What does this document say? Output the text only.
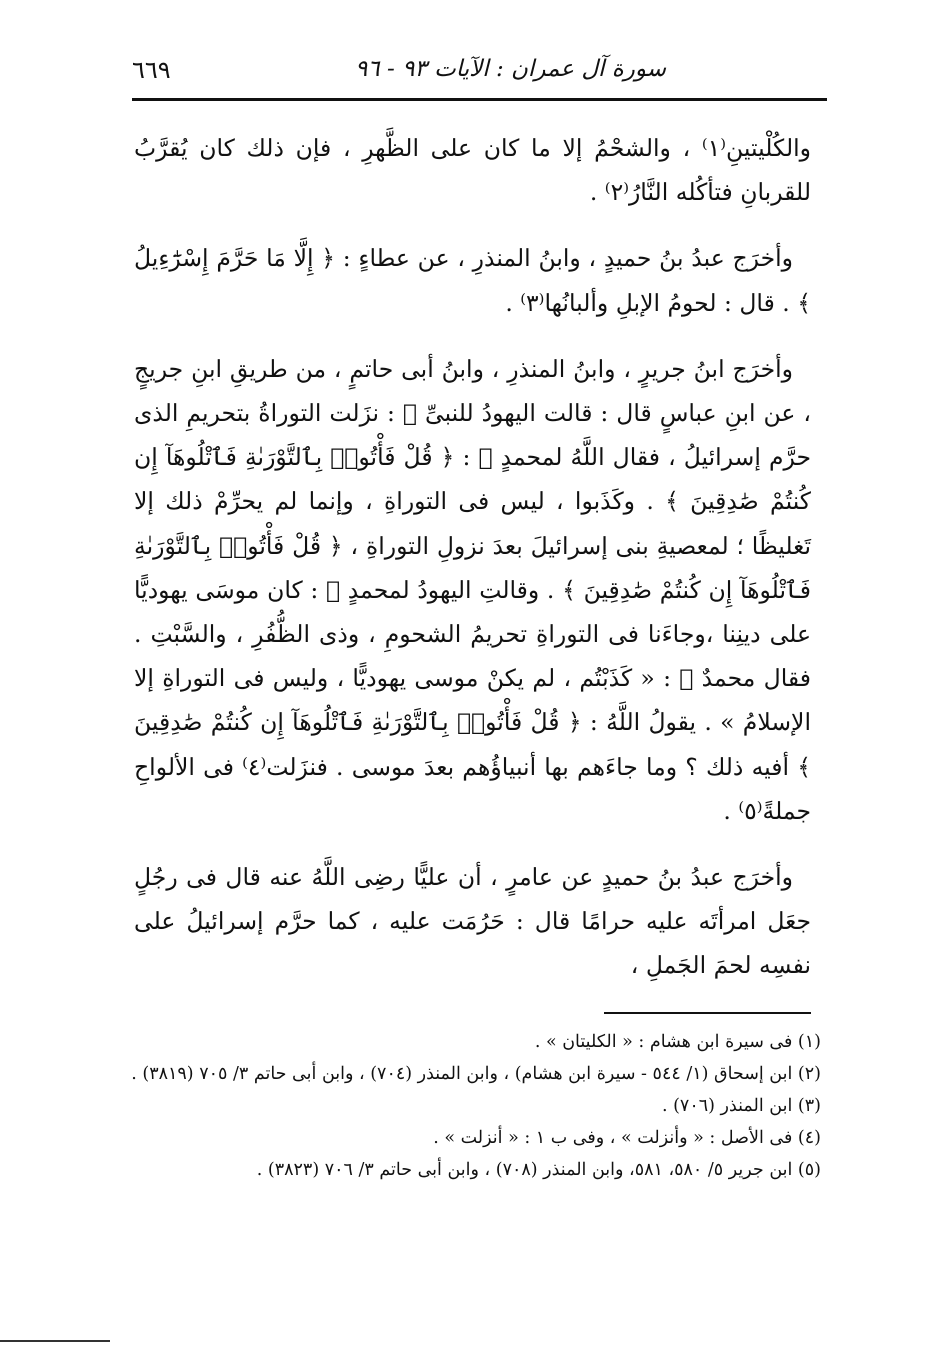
سورة آل عمران : الآيات ٩٣ - ٩٦
٦٦٩

والكُلْيتينِ⁽١⁾ ، والشحْمُ إلا ما كان على الظَّهرِ ، فإن ذلك كان يُقرَّبُ للقربانِ فتأكُله النَّارُ⁽٢⁾ .

وأخرَج عبدُ بنُ حميدٍ ، وابنُ المنذرِ ، عن عطاءٍ : ﴿ إِلَّا مَا حَرَّمَ إِسْرَٰٓءِيلُ ﴾ . قال : لحومُ الإبلِ وألبانُها⁽٣⁾ .

وأخرَج ابنُ جريرٍ ، وابنُ المنذرِ ، وابنُ أبى حاتمٍ ، من طريقِ ابنِ جريجٍ ، عن ابنِ عباسٍ قال : قالت اليهودُ للنبىِّ ﷺ : نزَلت التوراةُ بتحريمِ الذى حرَّم إسرائيلُ ، فقال اللَّهُ لمحمدٍ ﷺ : ﴿ قُلْ فَأْتُوا۟ بِٱلتَّوْرَىٰةِ فَٱتْلُوهَآ إِن كُنتُمْ صَٰدِقِينَ ﴾ . وكَذَبوا ، ليس فى التوراةِ ، وإنما لم يحرِّمْ ذلك إلا تَغليظًا ؛ لمعصيةِ بنى إسرائيلَ بعدَ نزولِ التوراةِ ، ﴿ قُلْ فَأْتُوا۟ بِٱلتَّوْرَىٰةِ فَٱتْلُوهَآ إِن كُنتُمْ صَٰدِقِينَ ﴾ . وقالتِ اليهودُ لمحمدٍ ﷺ : كان موسَى يهوديًّا على دينِنا ،وجاءَنا فى التوراةِ تحريمُ الشحومِ ، وذى الظُّفُرِ ، والسَّبْتِ . فقال محمدٌ ﷺ : « كَذَبْتُم ، لم يكنْ موسى يهوديًّا ، وليس فى التوراةِ إلا الإسلامُ » . يقولُ اللَّهُ : ﴿ قُلْ فَأْتُوا۟ بِٱلتَّوْرَىٰةِ فَٱتْلُوهَآ إِن كُنتُمْ صَٰدِقِينَ ﴾ أفيه ذلك ؟ وما جاءَهم بها أنبياؤُهم بعدَ موسى . فنزَلت⁽٤⁾ فى الألواحِ جملةً⁽٥⁾ .

وأخرَج عبدُ بنُ حميدٍ عن عامرٍ ، أن عليًّا رضِى اللَّهُ عنه قال فى رجُلٍ جعَل امرأتَه عليه حرامًا قال : حَرُمَت عليه ، كما حرَّم إسرائيلُ على نفسِه لحمَ الجَملِ ،

(١) فى سيرة ابن هشام : « الكليتان » .
(٢) ابن إسحاق (١/ ٥٤٤ - سيرة ابن هشام) ، وابن المنذر (٧٠٤) ، وابن أبى حاتم ٣/ ٧٠٥ (٣٨١٩) .
(٣) ابن المنذر (٧٠٦) .
(٤) فى الأصل : « وأنزلت » ، وفى ب ١ : « أنزلت » .
(٥) ابن جرير ٥/ ٥٨٠، ٥٨١، وابن المنذر (٧٠٨) ، وابن أبى حاتم ٣/ ٧٠٦ (٣٨٢٣) .
